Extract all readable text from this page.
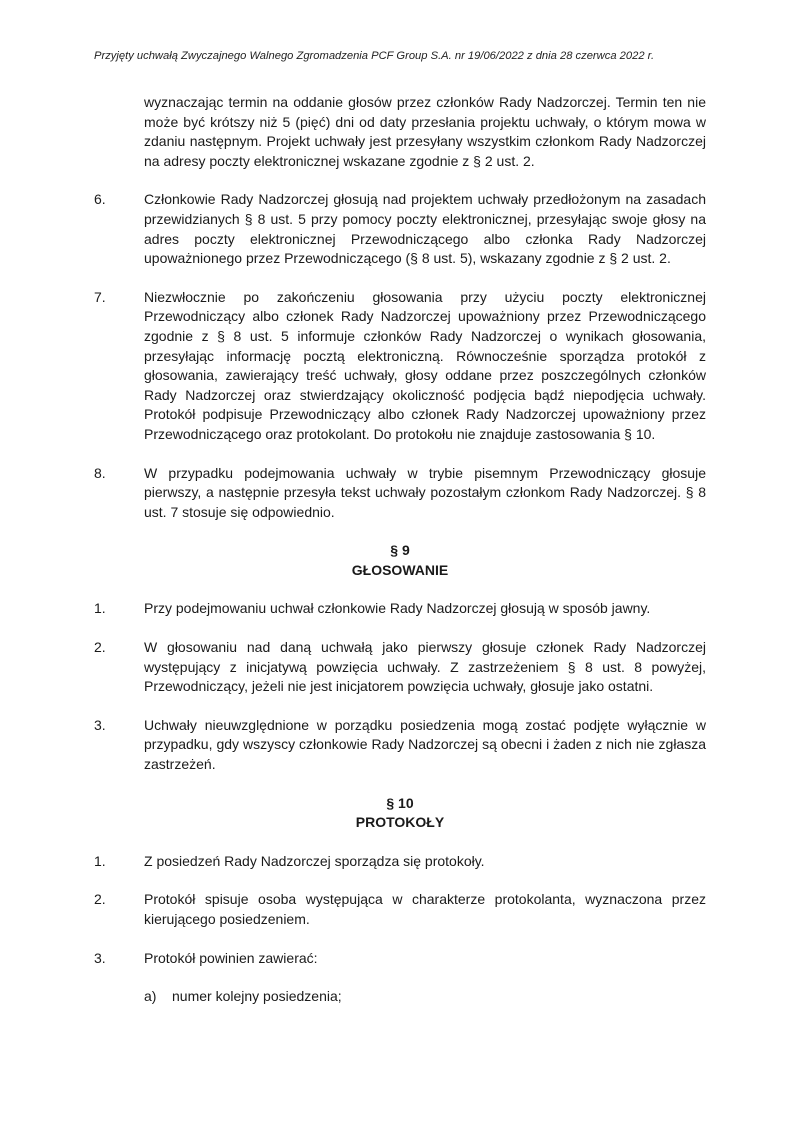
Przyjęty uchwałą Zwyczajnego Walnego Zgromadzenia PCF Group S.A. nr 19/06/2022 z dnia 28 czerwca 2022 r.

wyznaczając termin na oddanie głosów przez członków Rady Nadzorczej. Termin ten nie może być krótszy niż 5 (pięć) dni od daty przesłania projektu uchwały, o którym mowa w zdaniu następnym. Projekt uchwały jest przesyłany wszystkim członkom Rady Nadzorczej na adresy poczty elektronicznej wskazane zgodnie z § 2 ust. 2.

6.	Członkowie Rady Nadzorczej głosują nad projektem uchwały przedłożonym na zasadach przewidzianych § 8 ust. 5 przy pomocy poczty elektronicznej, przesyłając swoje głosy na adres poczty elektronicznej Przewodniczącego albo członka Rady Nadzorczej upoważnionego przez Przewodniczącego (§ 8 ust. 5), wskazany zgodnie z § 2 ust. 2.

7.	Niezwłocznie po zakończeniu głosowania przy użyciu poczty elektronicznej Przewodniczący albo członek Rady Nadzorczej upoważniony przez Przewodniczącego zgodnie z § 8 ust. 5 informuje członków Rady Nadzorczej o wynikach głosowania, przesyłając informację pocztą elektroniczną. Równocześnie sporządza protokół z głosowania, zawierający treść uchwały, głosy oddane przez poszczególnych członków Rady Nadzorczej oraz stwierdzający okoliczność podjęcia bądź niepodjęcia uchwały. Protokół podpisuje Przewodniczący albo członek Rady Nadzorczej upoważniony przez Przewodniczącego oraz protokolant. Do protokołu nie znajduje zastosowania § 10.

8.	W przypadku podejmowania uchwały w trybie pisemnym Przewodniczący głosuje pierwszy, a następnie przesyła tekst uchwały pozostałym członkom Rady Nadzorczej. § 8 ust. 7 stosuje się odpowiednio.

§ 9

GŁOSOWANIE

1.	Przy podejmowaniu uchwał członkowie Rady Nadzorczej głosują w sposób jawny.

2.	W głosowaniu nad daną uchwałą jako pierwszy głosuje członek Rady Nadzorczej występujący z inicjatywą powzięcia uchwały. Z zastrzeżeniem § 8 ust. 8 powyżej, Przewodniczący, jeżeli nie jest inicjatorem powzięcia uchwały, głosuje jako ostatni.

3.	Uchwały nieuwzględnione w porządku posiedzenia mogą zostać podjęte wyłącznie w przypadku, gdy wszyscy członkowie Rady Nadzorczej są obecni i żaden z nich nie zgłasza zastrzeżeń.

§ 10

PROTOKOŁY

1.	Z posiedzeń Rady Nadzorczej sporządza się protokoły.

2.	Protokół spisuje osoba występująca w charakterze protokolanta, wyznaczona przez kierującego posiedzeniem.

3.	Protokół powinien zawierać:

a)	numer kolejny posiedzenia;
